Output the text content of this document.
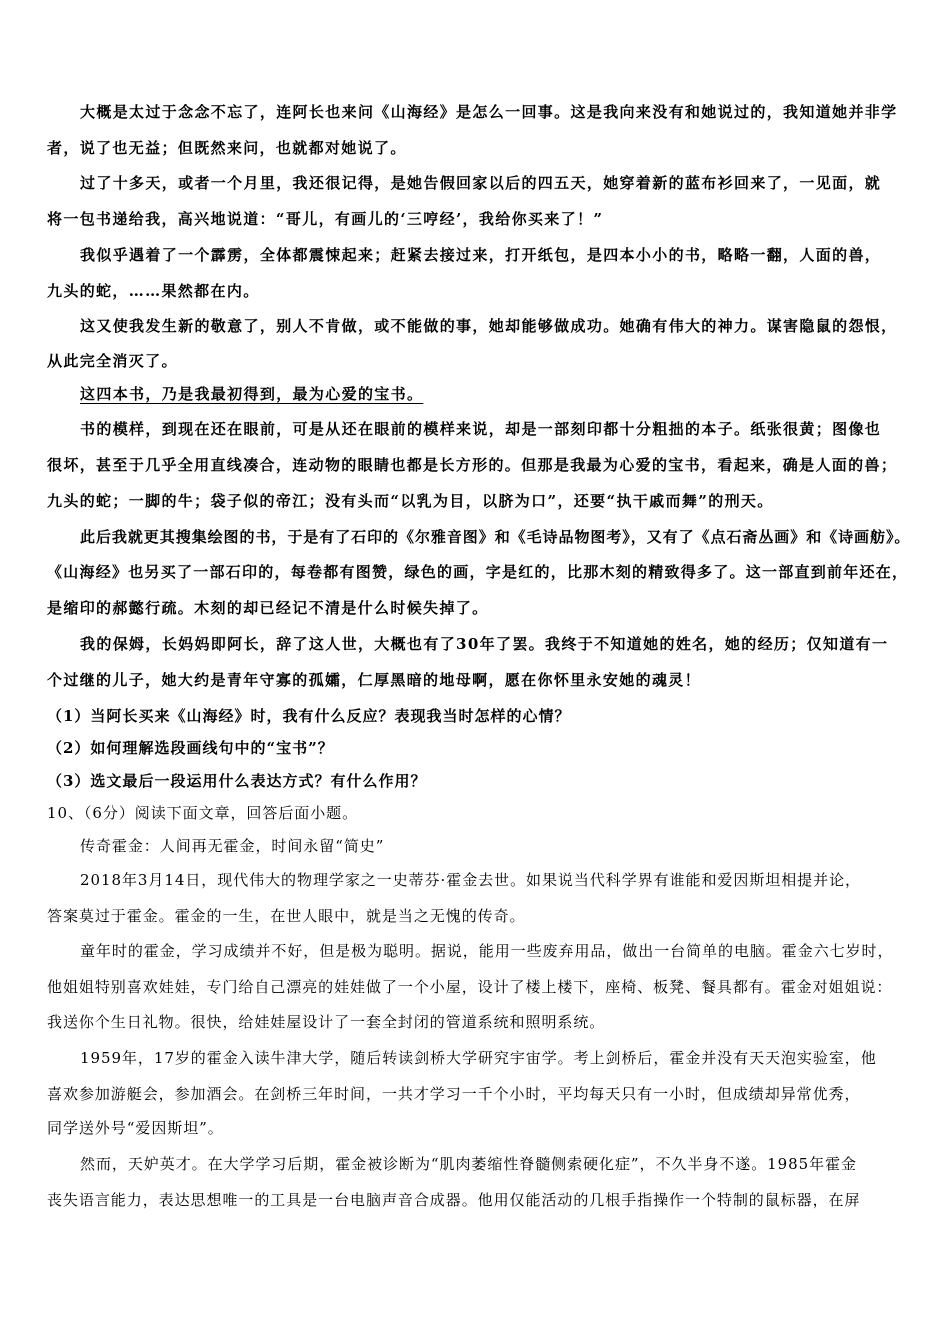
大概是太过于念念不忘了，连阿长也来问《山海经》是怎么一回事。这是我向来没有和她说过的，我知道她并非学
者，说了也无益；但既然来问，也就都对她说了。
过了十多天，或者一个月里，我还很记得，是她告假回家以后的四五天，她穿着新的蓝布衫回来了，一见面，就
将一包书递给我，高兴地说道：“哥儿，有画儿的‘三哼经’，我给你买来了！”
我似乎遇着了一个霹雳，全体都震悚起来；赶紧去接过来，打开纸包，是四本小小的书，略略一翻，人面的兽，
九头的蛇，……果然都在内。
这又使我发生新的敬意了，别人不肯做，或不能做的事，她却能够做成功。她确有伟大的神力。谋害隐鼠的怨恨，
从此完全消灭了。
这四本书，乃是我最初得到，最为心爱的宝书。
书的模样，到现在还在眼前，可是从还在眼前的模样来说，却是一部刻印都十分粗拙的本子。纸张很黄；图像也
很坏，甚至于几乎全用直线凑合，连动物的眼睛也都是长方形的。但那是我最为心爱的宝书，看起来，确是人面的兽；
九头的蛇；一脚的牛；袋子似的帝江；没有头而“以乳为目，以脐为口”，还要“执干戚而舞”的刑天。
此后我就更其搜集绘图的书，于是有了石印的《尔雅音图》和《毛诗品物图考》，又有了《点石斋丛画》和《诗画舫》。
《山海经》也另买了一部石印的，每卷都有图赞，绿色的画，字是红的，比那木刻的精致得多了。这一部直到前年还在，
是缩印的郝懿行疏。木刻的却已经记不清是什么时候失掉了。
我的保姆，长妈妈即阿长，辞了这人世，大概也有了30年了罢。我终于不知道她的姓名，她的经历；仅知道有一
个过继的儿子，她大约是青年守寡的孤孀，仁厚黑暗的地母啊，愿在你怀里永安她的魂灵！
（1）当阿长买来《山海经》时，我有什么反应？表现我当时怎样的心情？
（2）如何理解选段画线句中的“宝书”？
（3）选文最后一段运用什么表达方式？有什么作用？
10、（6分）阅读下面文章，回答后面小题。
传奇霍金：人间再无霍金，时间永留“简史”
2018年3月14日，现代伟大的物理学家之一史蒂芬·霍金去世。如果说当代科学界有谁能和爱因斯坦相提并论，
答案莫过于霍金。霍金的一生，在世人眼中，就是当之无愧的传奇。
童年时的霍金，学习成绩并不好，但是极为聪明。据说，能用一些废弃用品，做出一台简单的电脑。霍金六七岁时，
他姐姐特别喜欢娃娃，专门给自己漂亮的娃娃做了一个小屋，设计了楼上楼下，座椅、板凳、餐具都有。霍金对姐姐说：
我送你个生日礼物。很快，给娃娃屋设计了一套全封闭的管道系统和照明系统。
1959年，17岁的霍金入读牛津大学，随后转读剑桥大学研究宇宙学。考上剑桥后，霍金并没有天天泡实验室，他
喜欢参加游艇会，参加酒会。在剑桥三年时间，一共才学习一千个小时，平均每天只有一小时，但成绩却异常优秀，
同学送外号“爱因斯坦”。
然而，天妒英才。在大学学习后期，霍金被诊断为“肌肉萎缩性脊髓侧索硬化症”，不久半身不遂。1985年霍金
丧失语言能力，表达思想唯一的工具是一台电脑声音合成器。他用仅能活动的几根手指操作一个特制的鼠标器，在屏
